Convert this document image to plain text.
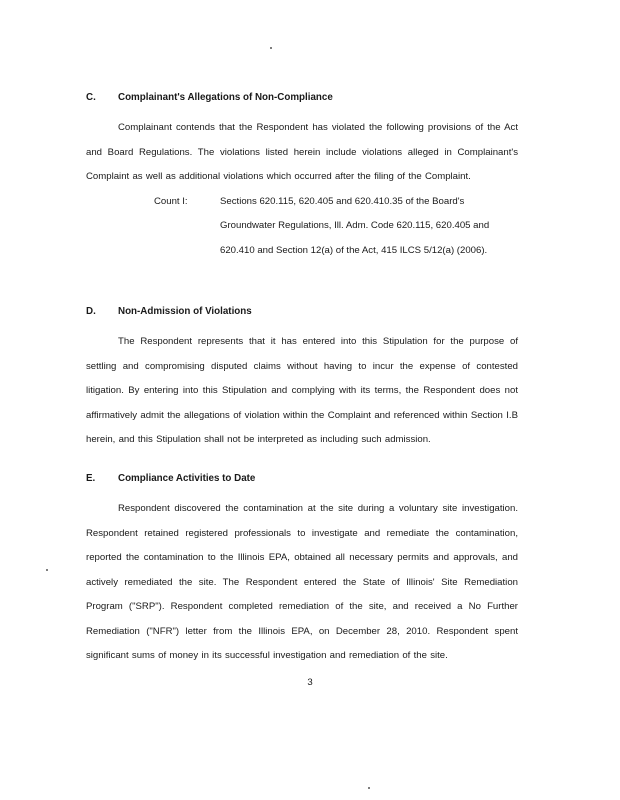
C.	Complainant's Allegations of Non-Compliance
Complainant contends that the Respondent has violated the following provisions of the Act and Board Regulations. The violations listed herein include violations alleged in Complainant's Complaint as well as additional violations which occurred after the filing of the Complaint.
Count I:	Sections 620.115, 620.405 and 620.410.35 of the Board's Groundwater Regulations, Ill. Adm. Code 620.115, 620.405 and 620.410 and Section 12(a) of the Act, 415 ILCS 5/12(a) (2006).
D.	Non-Admission of Violations
The Respondent represents that it has entered into this Stipulation for the purpose of settling and compromising disputed claims without having to incur the expense of contested litigation. By entering into this Stipulation and complying with its terms, the Respondent does not affirmatively admit the allegations of violation within the Complaint and referenced within Section I.B herein, and this Stipulation shall not be interpreted as including such admission.
E.	Compliance Activities to Date
Respondent discovered the contamination at the site during a voluntary site investigation. Respondent retained registered professionals to investigate and remediate the contamination, reported the contamination to the Illinois EPA, obtained all necessary permits and approvals, and actively remediated the site. The Respondent entered the State of Illinois' Site Remediation Program ("SRP"). Respondent completed remediation of the site, and received a No Further Remediation ("NFR") letter from the Illinois EPA, on December 28, 2010. Respondent spent significant sums of money in its successful investigation and remediation of the site.
3
